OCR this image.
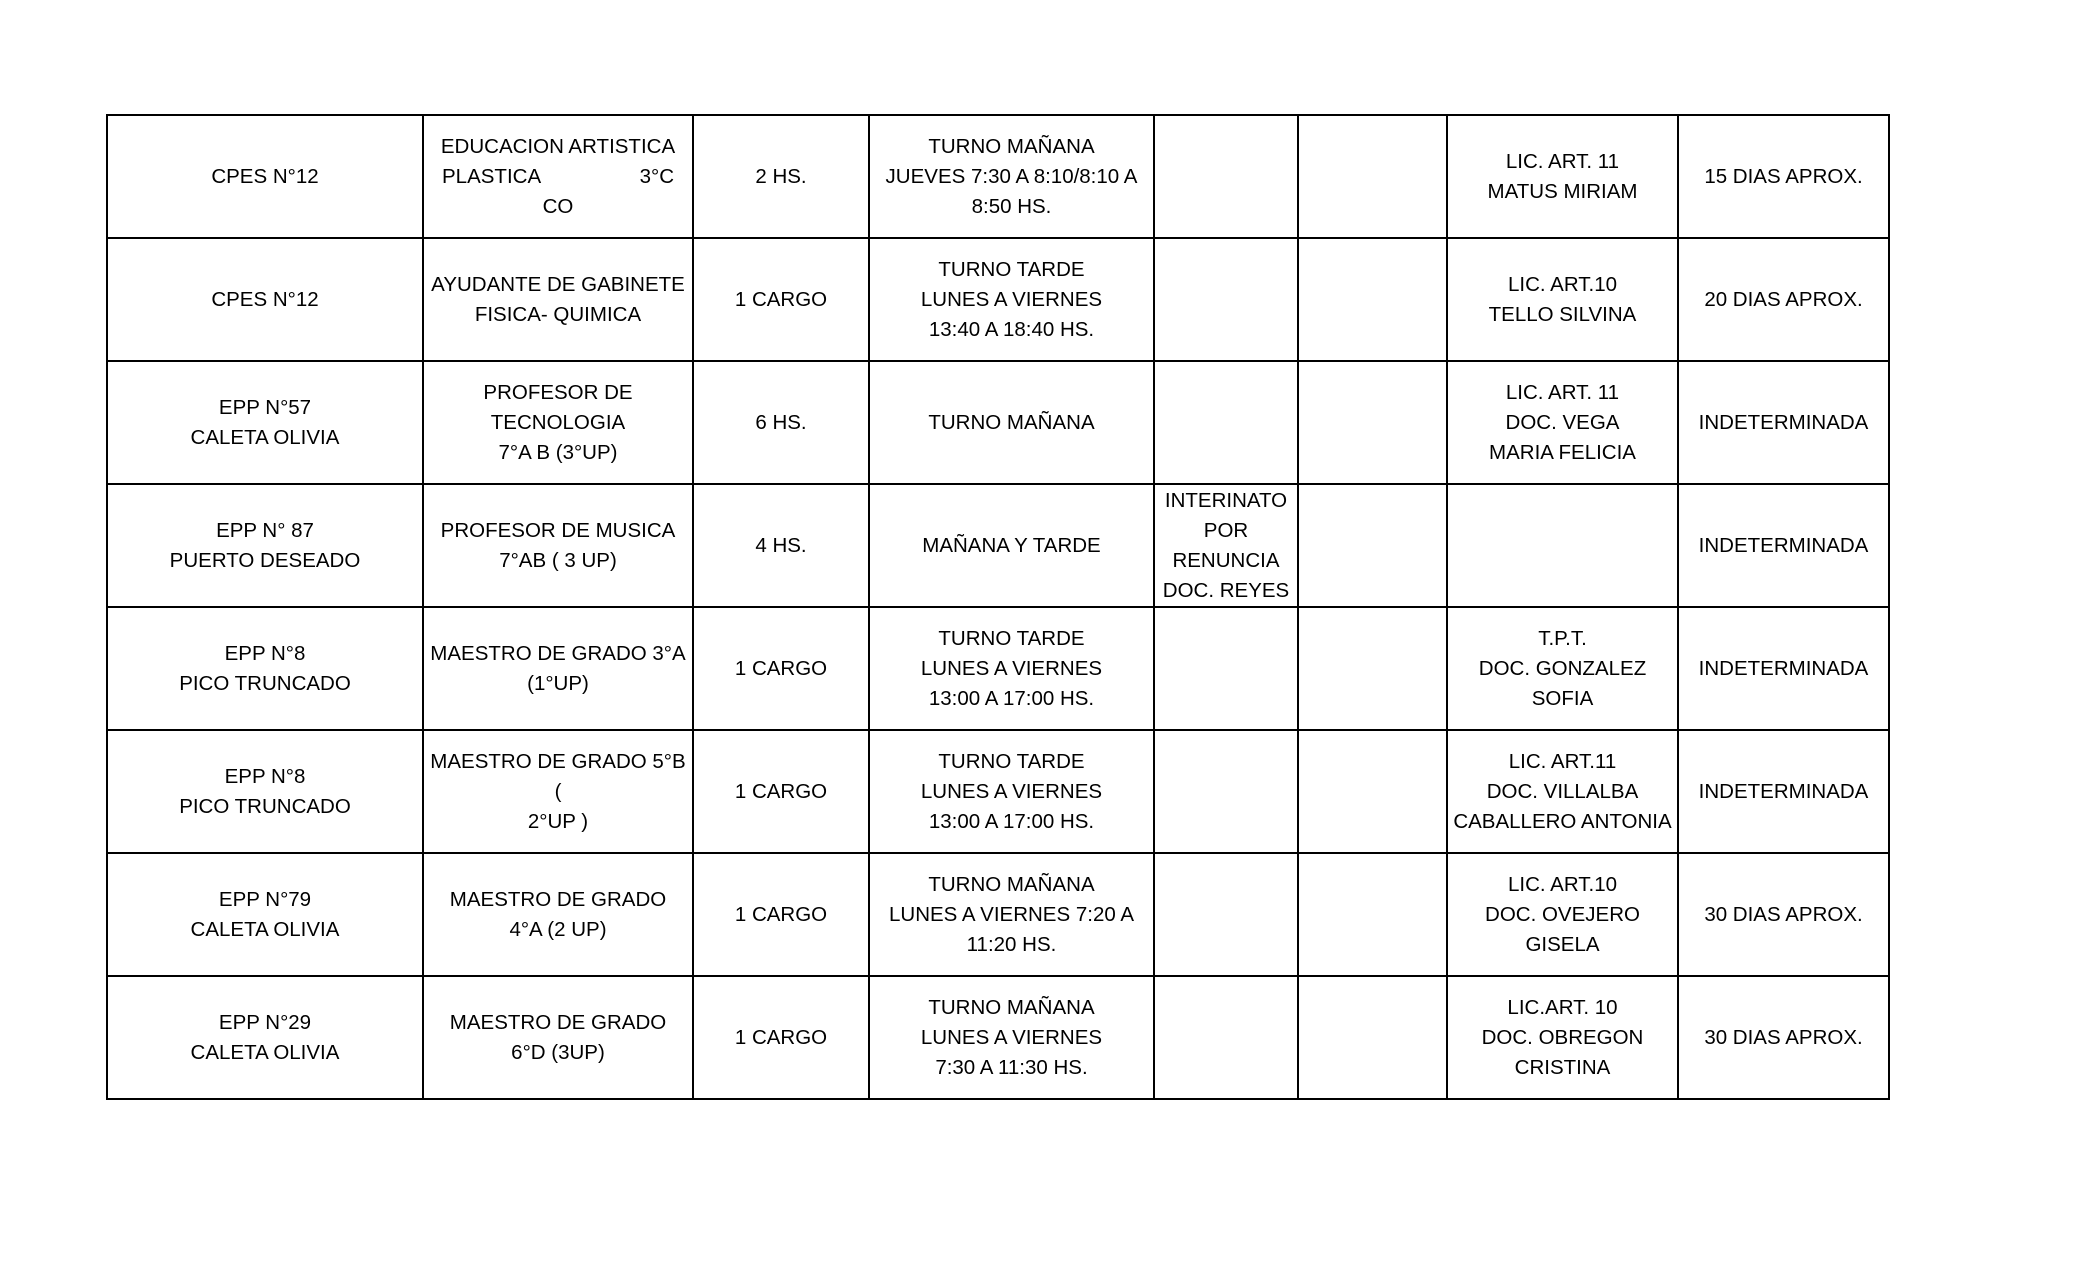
CPES N°12	EDUCACION ARTISTICA
PLASTICA 3°C
CO	2 HS.	TURNO MAÑANA
JUEVES 7:30 A 8:10/8:10 A
8:50 HS.			LIC. ART. 11
MATUS MIRIAM	15 DIAS APROX.

CPES N°12	AYUDANTE DE GABINETE
FISICA- QUIMICA	1 CARGO	TURNO TARDE
LUNES A VIERNES
13:40 A 18:40 HS.			LIC. ART.10
TELLO SILVINA	20 DIAS APROX.

EPP N°57
CALETA OLIVIA	PROFESOR DE TECNOLOGIA
7°A B (3°UP)	6 HS.	TURNO MAÑANA			LIC. ART. 11
DOC. VEGA
MARIA FELICIA	INDETERMINADA

EPP N° 87
PUERTO DESEADO	PROFESOR DE MUSICA
7°AB ( 3 UP)	4 HS.	MAÑANA Y TARDE	INTERINATO
POR
RENUNCIA
DOC. REYES			INDETERMINADA

EPP N°8
PICO TRUNCADO	MAESTRO DE GRADO 3°A
(1°UP)	1 CARGO	TURNO TARDE
LUNES A VIERNES
13:00 A 17:00 HS.			T.P.T.
DOC. GONZALEZ SOFIA	INDETERMINADA

EPP N°8
PICO TRUNCADO	MAESTRO DE GRADO 5°B (
2°UP )	1 CARGO	TURNO TARDE
LUNES A VIERNES
13:00 A 17:00 HS.			LIC. ART.11
DOC. VILLALBA
CABALLERO ANTONIA	INDETERMINADA

EPP N°79
CALETA OLIVIA	MAESTRO DE GRADO
4°A (2 UP)	1 CARGO	TURNO MAÑANA
LUNES A VIERNES 7:20 A
11:20 HS.			LIC. ART.10
DOC. OVEJERO GISELA	30 DIAS APROX.

EPP N°29
CALETA OLIVIA	MAESTRO DE GRADO
6°D (3UP)	1 CARGO	TURNO MAÑANA
LUNES A VIERNES
7:30 A 11:30 HS.			LIC.ART. 10
DOC. OBREGON
CRISTINA	30 DIAS APROX.
